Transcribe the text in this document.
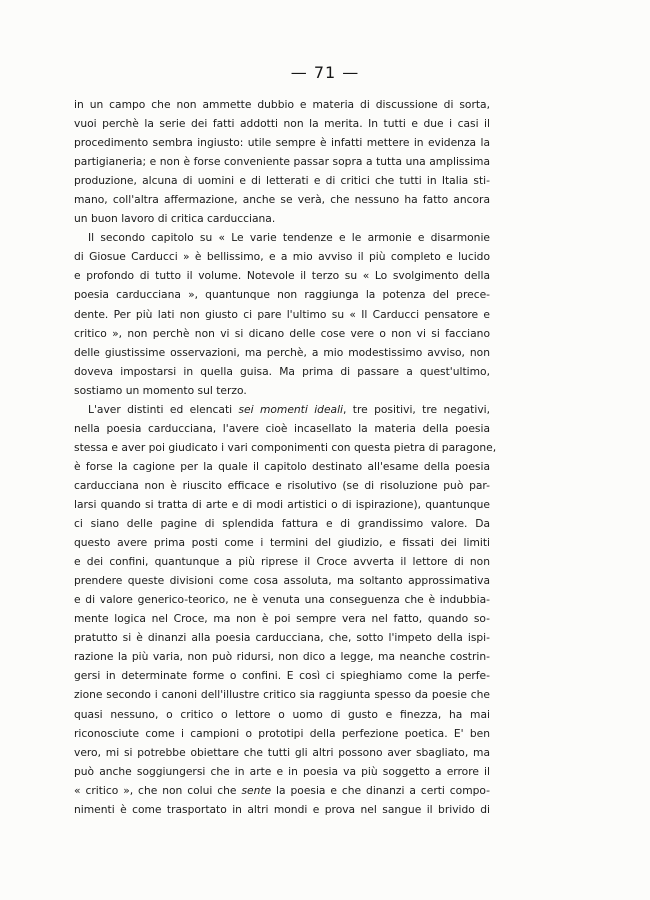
— 71 —
in un campo che non ammette dubbio e materia di discussione di sorta,
vuoi perchè la serie dei fatti addotti non la merita. In tutti e due i casi il
procedimento sembra ingiusto: utile sempre è infatti mettere in evidenza la
partigianeria; e non è forse conveniente passar sopra a tutta una amplissima
produzione, alcuna di uomini e di letterati e di critici che tutti in Italia sti-
mano, coll'altra affermazione, anche se verà, che nessuno ha fatto ancora
un buon lavoro di critica carducciana.
Il secondo capitolo su « Le varie tendenze e le armonie e disarmonie
di Giosue Carducci » è bellissimo, e a mio avviso il più completo e lucido
e profondo di tutto il volume. Notevole il terzo su « Lo svolgimento della
poesia carducciana », quantunque non raggiunga la potenza del prece-
dente. Per più lati non giusto ci pare l'ultimo su « Il Carducci pensatore e
critico », non perchè non vi si dicano delle cose vere o non vi si facciano
delle giustissime osservazioni, ma perchè, a mio modestissimo avviso, non
doveva impostarsi in quella guisa. Ma prima di passare a quest'ultimo,
sostiamo un momento sul terzo.
L'aver distinti ed elencati sei momenti ideali, tre positivi, tre negativi,
nella poesia carducciana, l'avere cioè incasellato la materia della poesia
stessa e aver poi giudicato i vari componimenti con questa pietra di paragone,
è forse la cagione per la quale il capitolo destinato all'esame della poesia
carducciana non è riuscito efficace e risolutivo (se di risoluzione può par-
larsi quando si tratta di arte e di modi artistici o di ispirazione), quantunque
ci siano delle pagine di splendida fattura e di grandissimo valore. Da
questo avere prima posti come i termini del giudizio, e fissati dei limiti
e dei confini, quantunque a più riprese il Croce avverta il lettore di non
prendere queste divisioni come cosa assoluta, ma soltanto approssimativa
e di valore generico-teorico, ne è venuta una conseguenza che è indubbia-
mente logica nel Croce, ma non è poi sempre vera nel fatto, quando so-
pratutto si è dinanzi alla poesia carducciana, che, sotto l'impeto della ispi-
razione la più varia, non può ridursi, non dico a legge, ma neanche costrin-
gersi in determinate forme o confini. E così ci spieghiamo come la perfe-
zione secondo i canoni dell'illustre critico sia raggiunta spesso da poesie che
quasi nessuno, o critico o lettore o uomo di gusto e finezza, ha mai
riconosciute come i campioni o prototipi della perfezione poetica. E' ben
vero, mi si potrebbe obiettare che tutti gli altri possono aver sbagliato, ma
può anche soggiungersi che in arte e in poesia va più soggetto a errore il
« critico », che non colui che sente la poesia e che dinanzi a certi compo-
nimenti è come trasportato in altri mondi e prova nel sangue il brivido di
